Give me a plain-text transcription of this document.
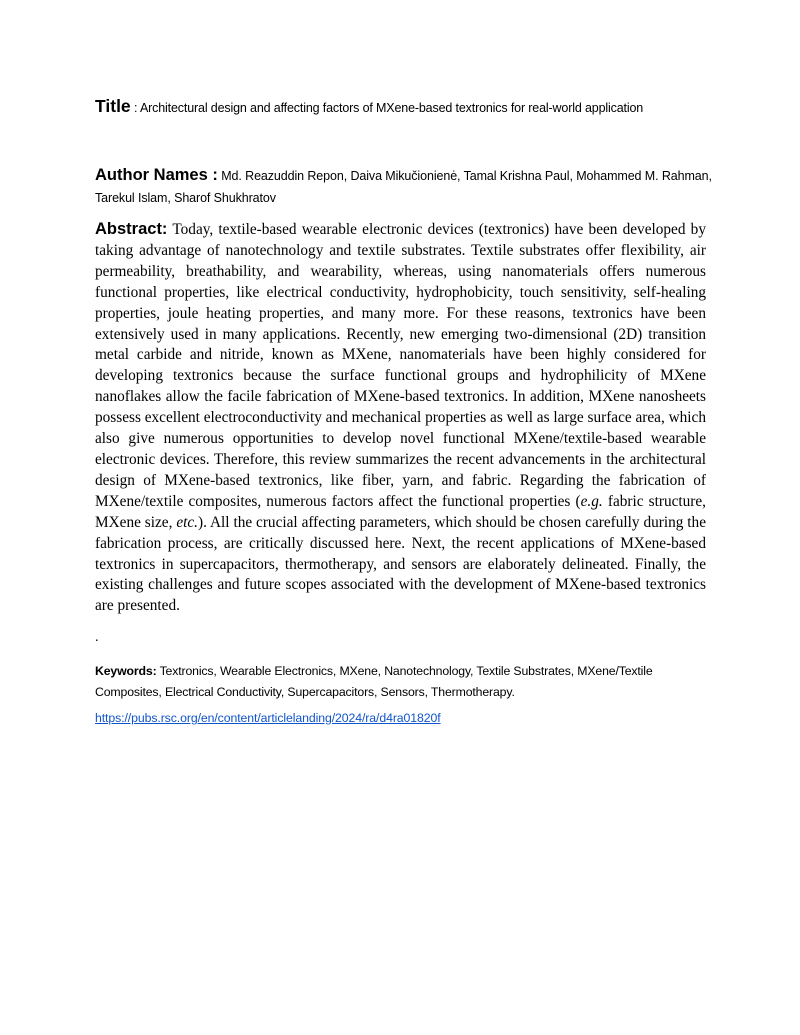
Title : Architectural design and affecting factors of MXene-based textronics for real-world application
Author Names : Md. Reazuddin Repon, Daiva Mikučionienė, Tamal Krishna Paul, Mohammed M. Rahman, Tarekul Islam, Sharof Shukhratov

Abstract: Today, textile-based wearable electronic devices (textronics) have been developed by taking advantage of nanotechnology and textile substrates. Textile substrates offer flexibility, air permeability, breathability, and wearability, whereas, using nanomaterials offers numerous functional properties, like electrical conductivity, hydrophobicity, touch sensitivity, self-healing properties, joule heating properties, and many more. For these reasons, textronics have been extensively used in many applications. Recently, new emerging two-dimensional (2D) transition metal carbide and nitride, known as MXene, nanomaterials have been highly considered for developing textronics because the surface functional groups and hydrophilicity of MXene nanoflakes allow the facile fabrication of MXene-based textronics. In addition, MXene nanosheets possess excellent electroconductivity and mechanical properties as well as large surface area, which also give numerous opportunities to develop novel functional MXene/textile-based wearable electronic devices. Therefore, this review summarizes the recent advancements in the architectural design of MXene-based textronics, like fiber, yarn, and fabric. Regarding the fabrication of MXene/textile composites, numerous factors affect the functional properties (e.g. fabric structure, MXene size, etc.). All the crucial affecting parameters, which should be chosen carefully during the fabrication process, are critically discussed here. Next, the recent applications of MXene-based textronics in supercapacitors, thermotherapy, and sensors are elaborately delineated. Finally, the existing challenges and future scopes associated with the development of MXene-based textronics are presented.

.
Keywords: Textronics, Wearable Electronics, MXene, Nanotechnology, Textile Substrates, MXene/Textile Composites, Electrical Conductivity, Supercapacitors, Sensors, Thermotherapy.
https://pubs.rsc.org/en/content/articlelanding/2024/ra/d4ra01820f
